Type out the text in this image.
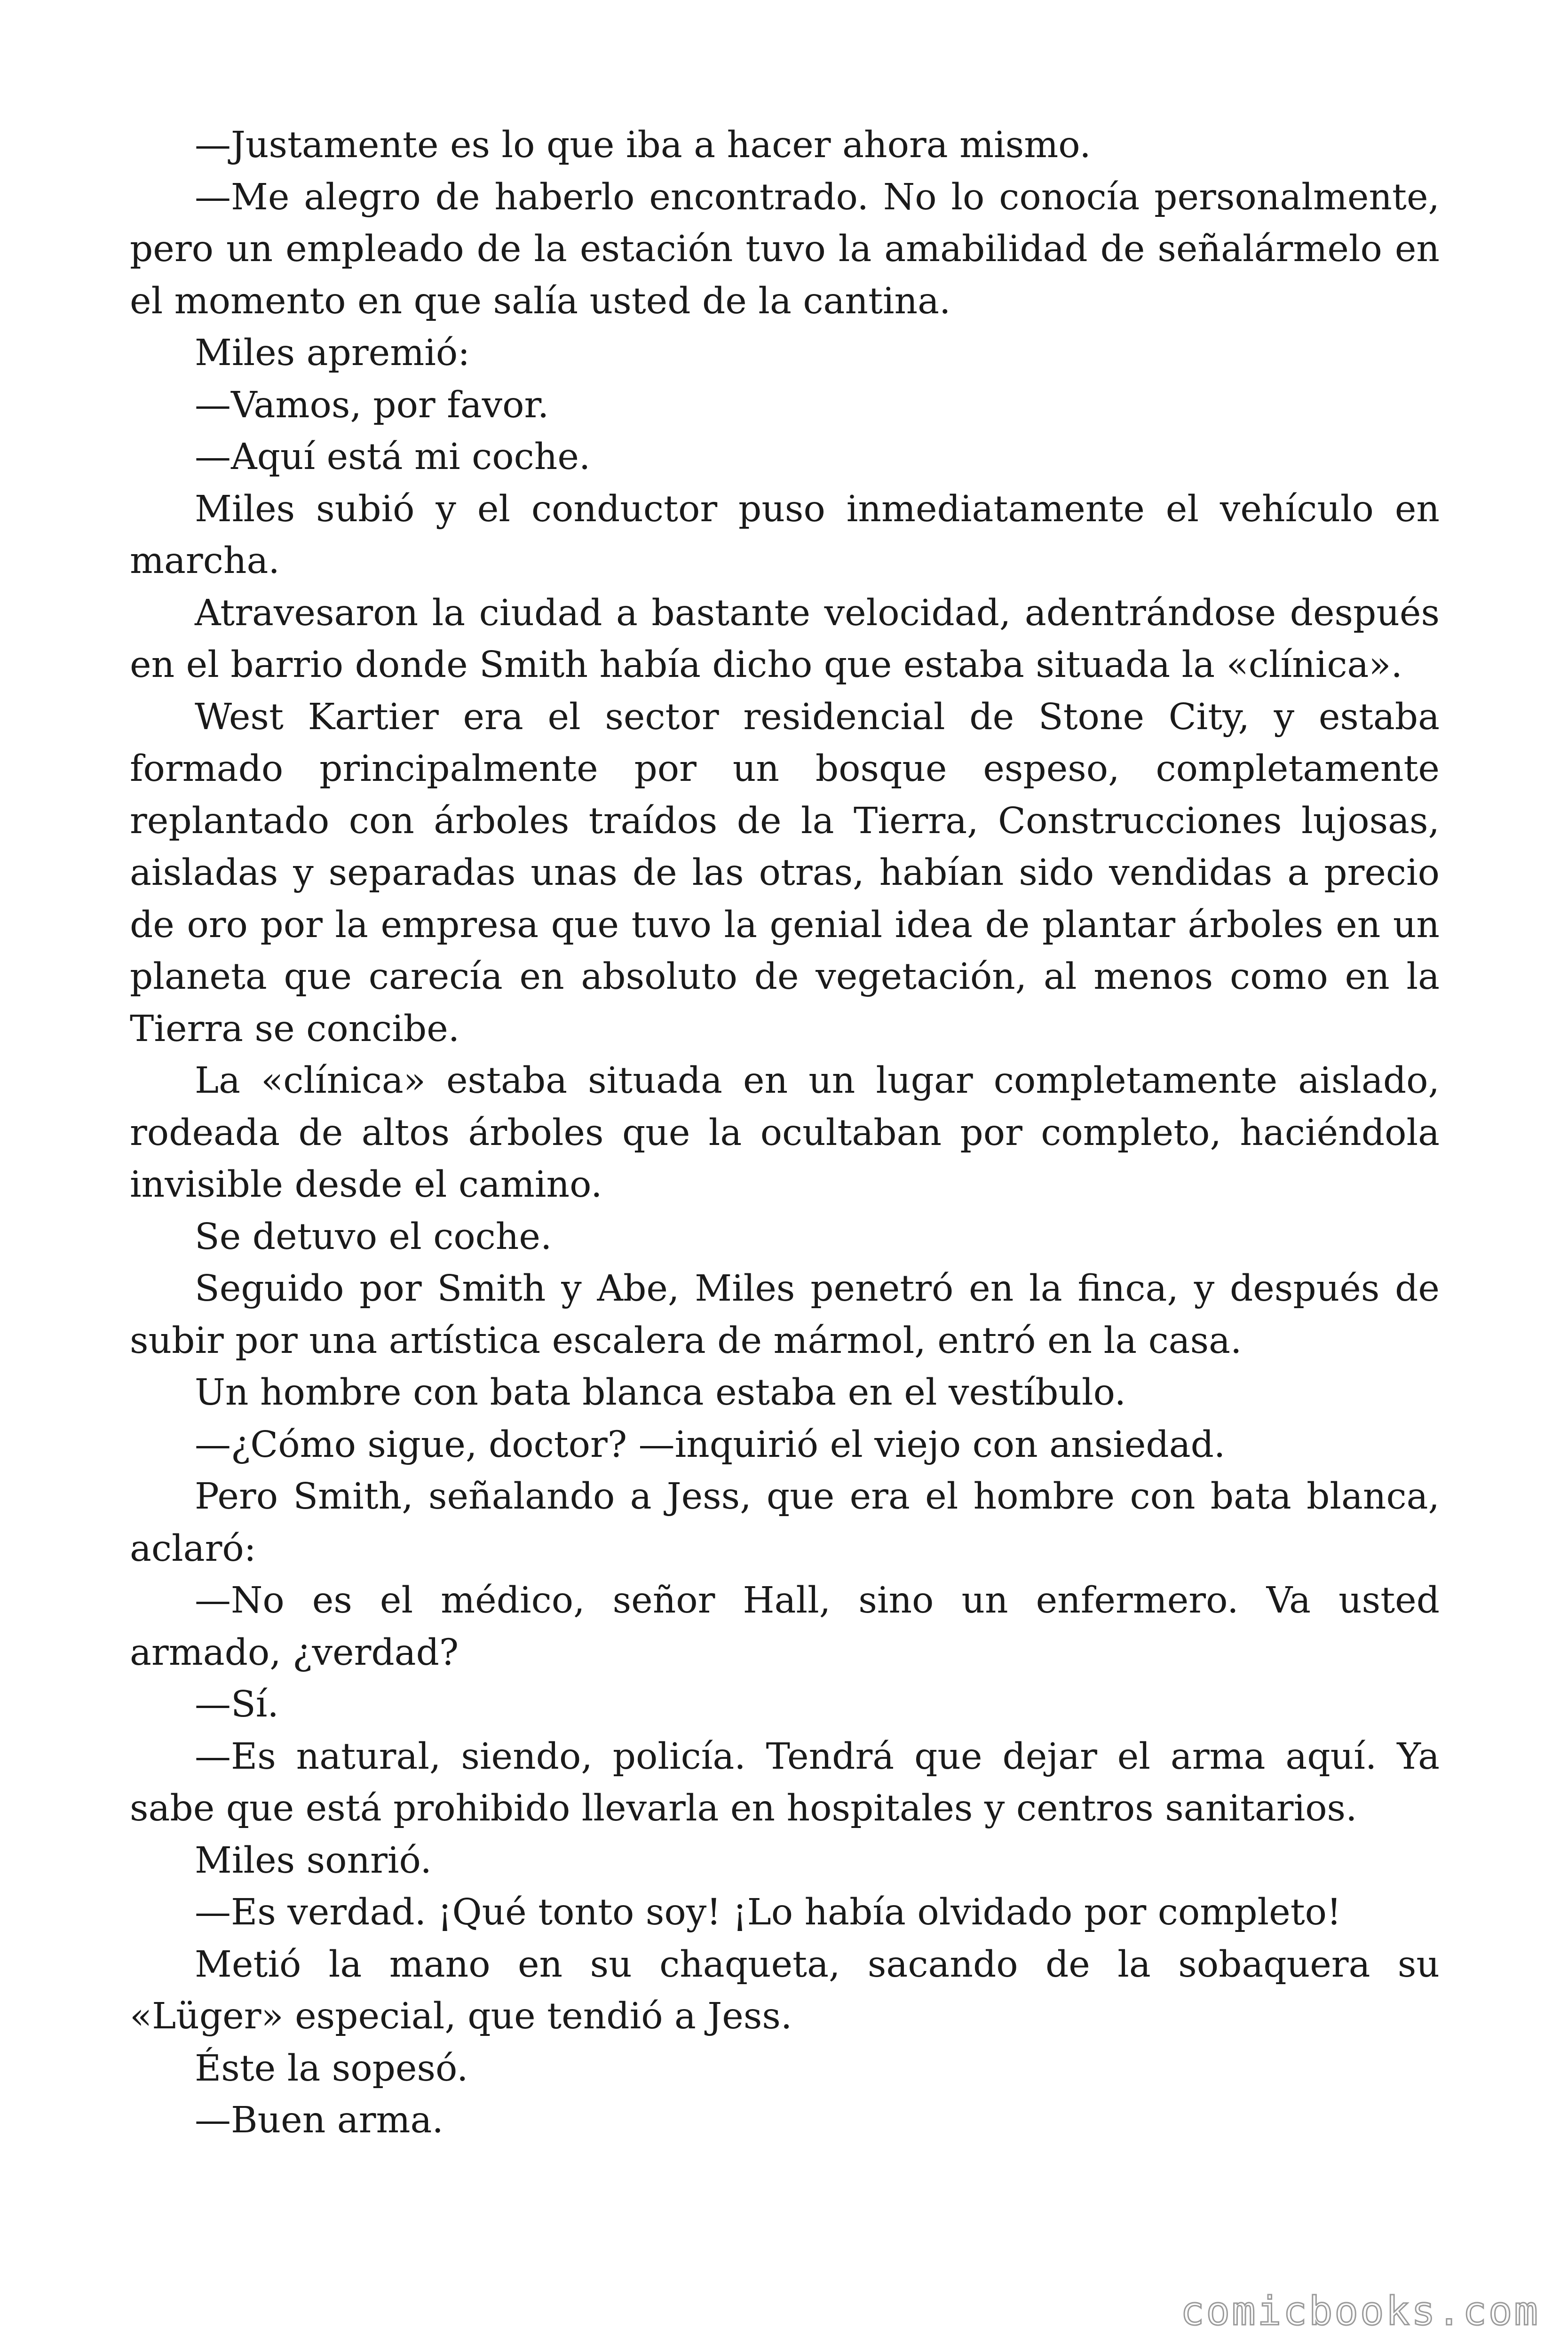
—Justamente es lo que iba a hacer ahora mismo.

—Me alegro de haberlo encontrado. No lo conocía personalmente, pero un empleado de la estación tuvo la amabilidad de señalármelo en el momento en que salía usted de la cantina.

Miles apremió:

—Vamos, por favor.

—Aquí está mi coche.

Miles subió y el conductor puso inmediatamente el vehículo en marcha.

Atravesaron la ciudad a bastante velocidad, adentrándose después en el barrio donde Smith había dicho que estaba situada la «clínica».

West Kartier era el sector residencial de Stone City, y estaba formado principalmente por un bosque espeso, completamente replantado con árboles traídos de la Tierra, Construcciones lujosas, aisladas y separadas unas de las otras, habían sido vendidas a precio de oro por la empresa que tuvo la genial idea de plantar árboles en un planeta que carecía en absoluto de vegetación, al menos como en la Tierra se concibe.

La «clínica» estaba situada en un lugar completamente aislado, rodeada de altos árboles que la ocultaban por completo, haciéndola invisible desde el camino.

Se detuvo el coche.

Seguido por Smith y Abe, Miles penetró en la finca, y después de subir por una artística escalera de mármol, entró en la casa.

Un hombre con bata blanca estaba en el vestíbulo.

—¿Cómo sigue, doctor? —inquirió el viejo con ansiedad.

Pero Smith, señalando a Jess, que era el hombre con bata blanca, aclaró:

—No es el médico, señor Hall, sino un enfermero. Va usted armado, ¿verdad?

—Sí.

—Es natural, siendo, policía. Tendrá que dejar el arma aquí. Ya sabe que está prohibido llevarla en hospitales y centros sanitarios.

Miles sonrió.

—Es verdad. ¡Qué tonto soy! ¡Lo había olvidado por completo!

Metió la mano en su chaqueta, sacando de la sobaquera su «Lüger» especial, que tendió a Jess.

Éste la sopesó.

—Buen arma.

comicbooks.com
